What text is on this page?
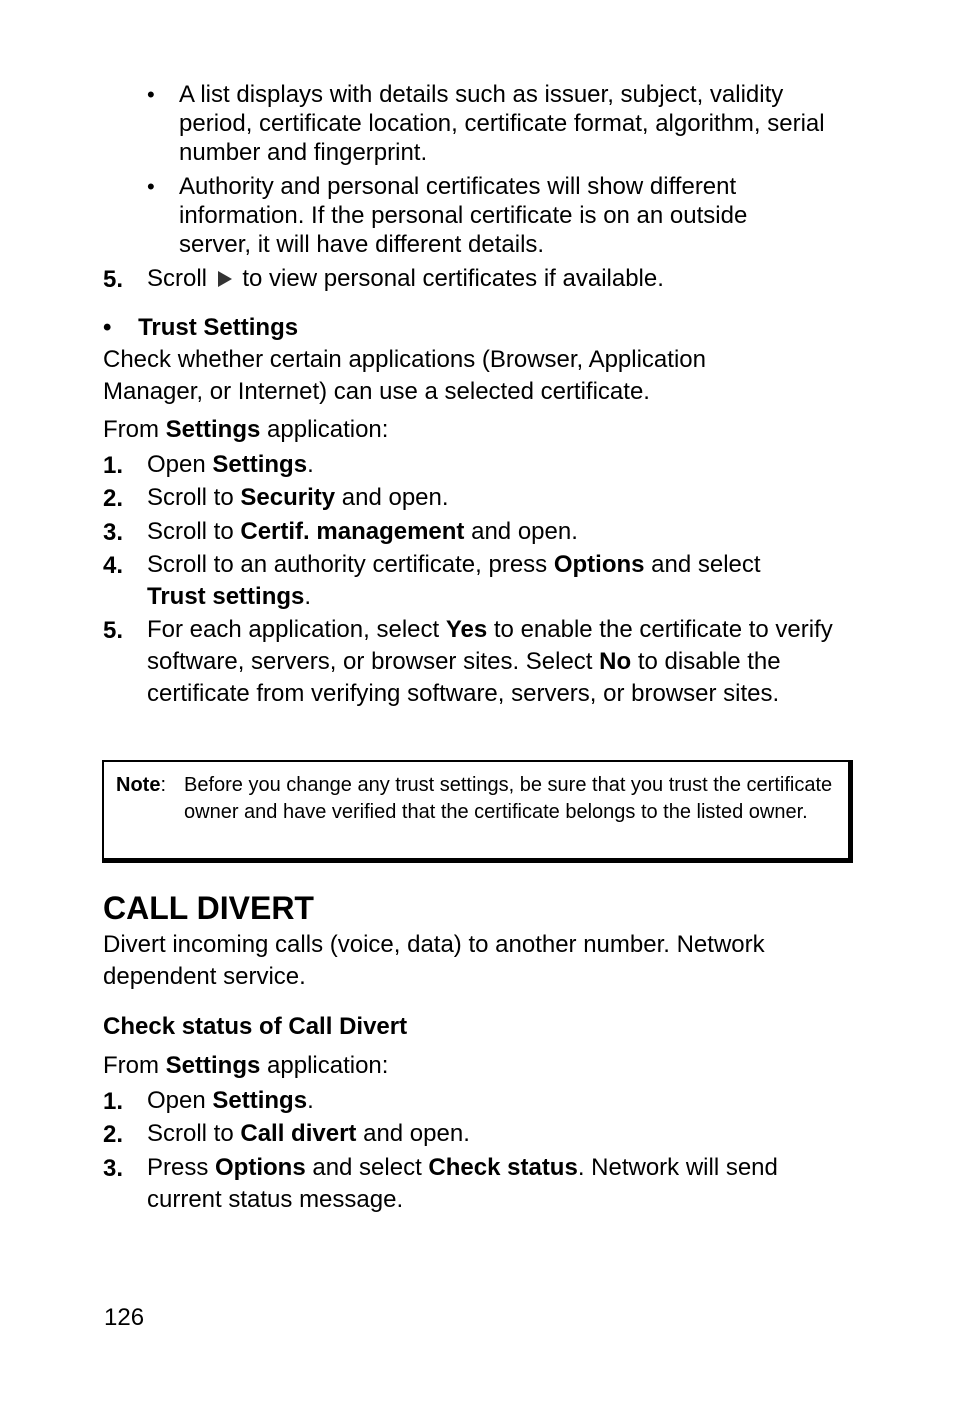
• A list displays with details such as issuer, subject, validity period, certificate location, certificate format, algorithm, serial number and fingerprint.
• Authority and personal certificates will show different information. If the personal certificate is on an outside server, it will have different details.
5. Scroll to view personal certificates if available.
• Trust Settings
Check whether certain applications (Browser, Application Manager, or Internet) can use a selected certificate.
From Settings application:
1. Open Settings.
2. Scroll to Security and open.
3. Scroll to Certif. management and open.
4. Scroll to an authority certificate, press Options and select
Trust settings.
5. For each application, select Yes to enable the certificate to verify software, servers, or browser sites. Select No to disable the certificate from verifying software, servers, or browser sites.
Note: Before you change any trust settings, be sure that you trust the certificate owner and have verified that the certificate belongs to the listed owner.
CALL DIVERT
Divert incoming calls (voice, data) to another number. Network dependent service.
Check status of Call Divert
From Settings application:
1. Open Settings.
2. Scroll to Call divert and open.
3. Press Options and select Check status. Network will send current status message.
126
